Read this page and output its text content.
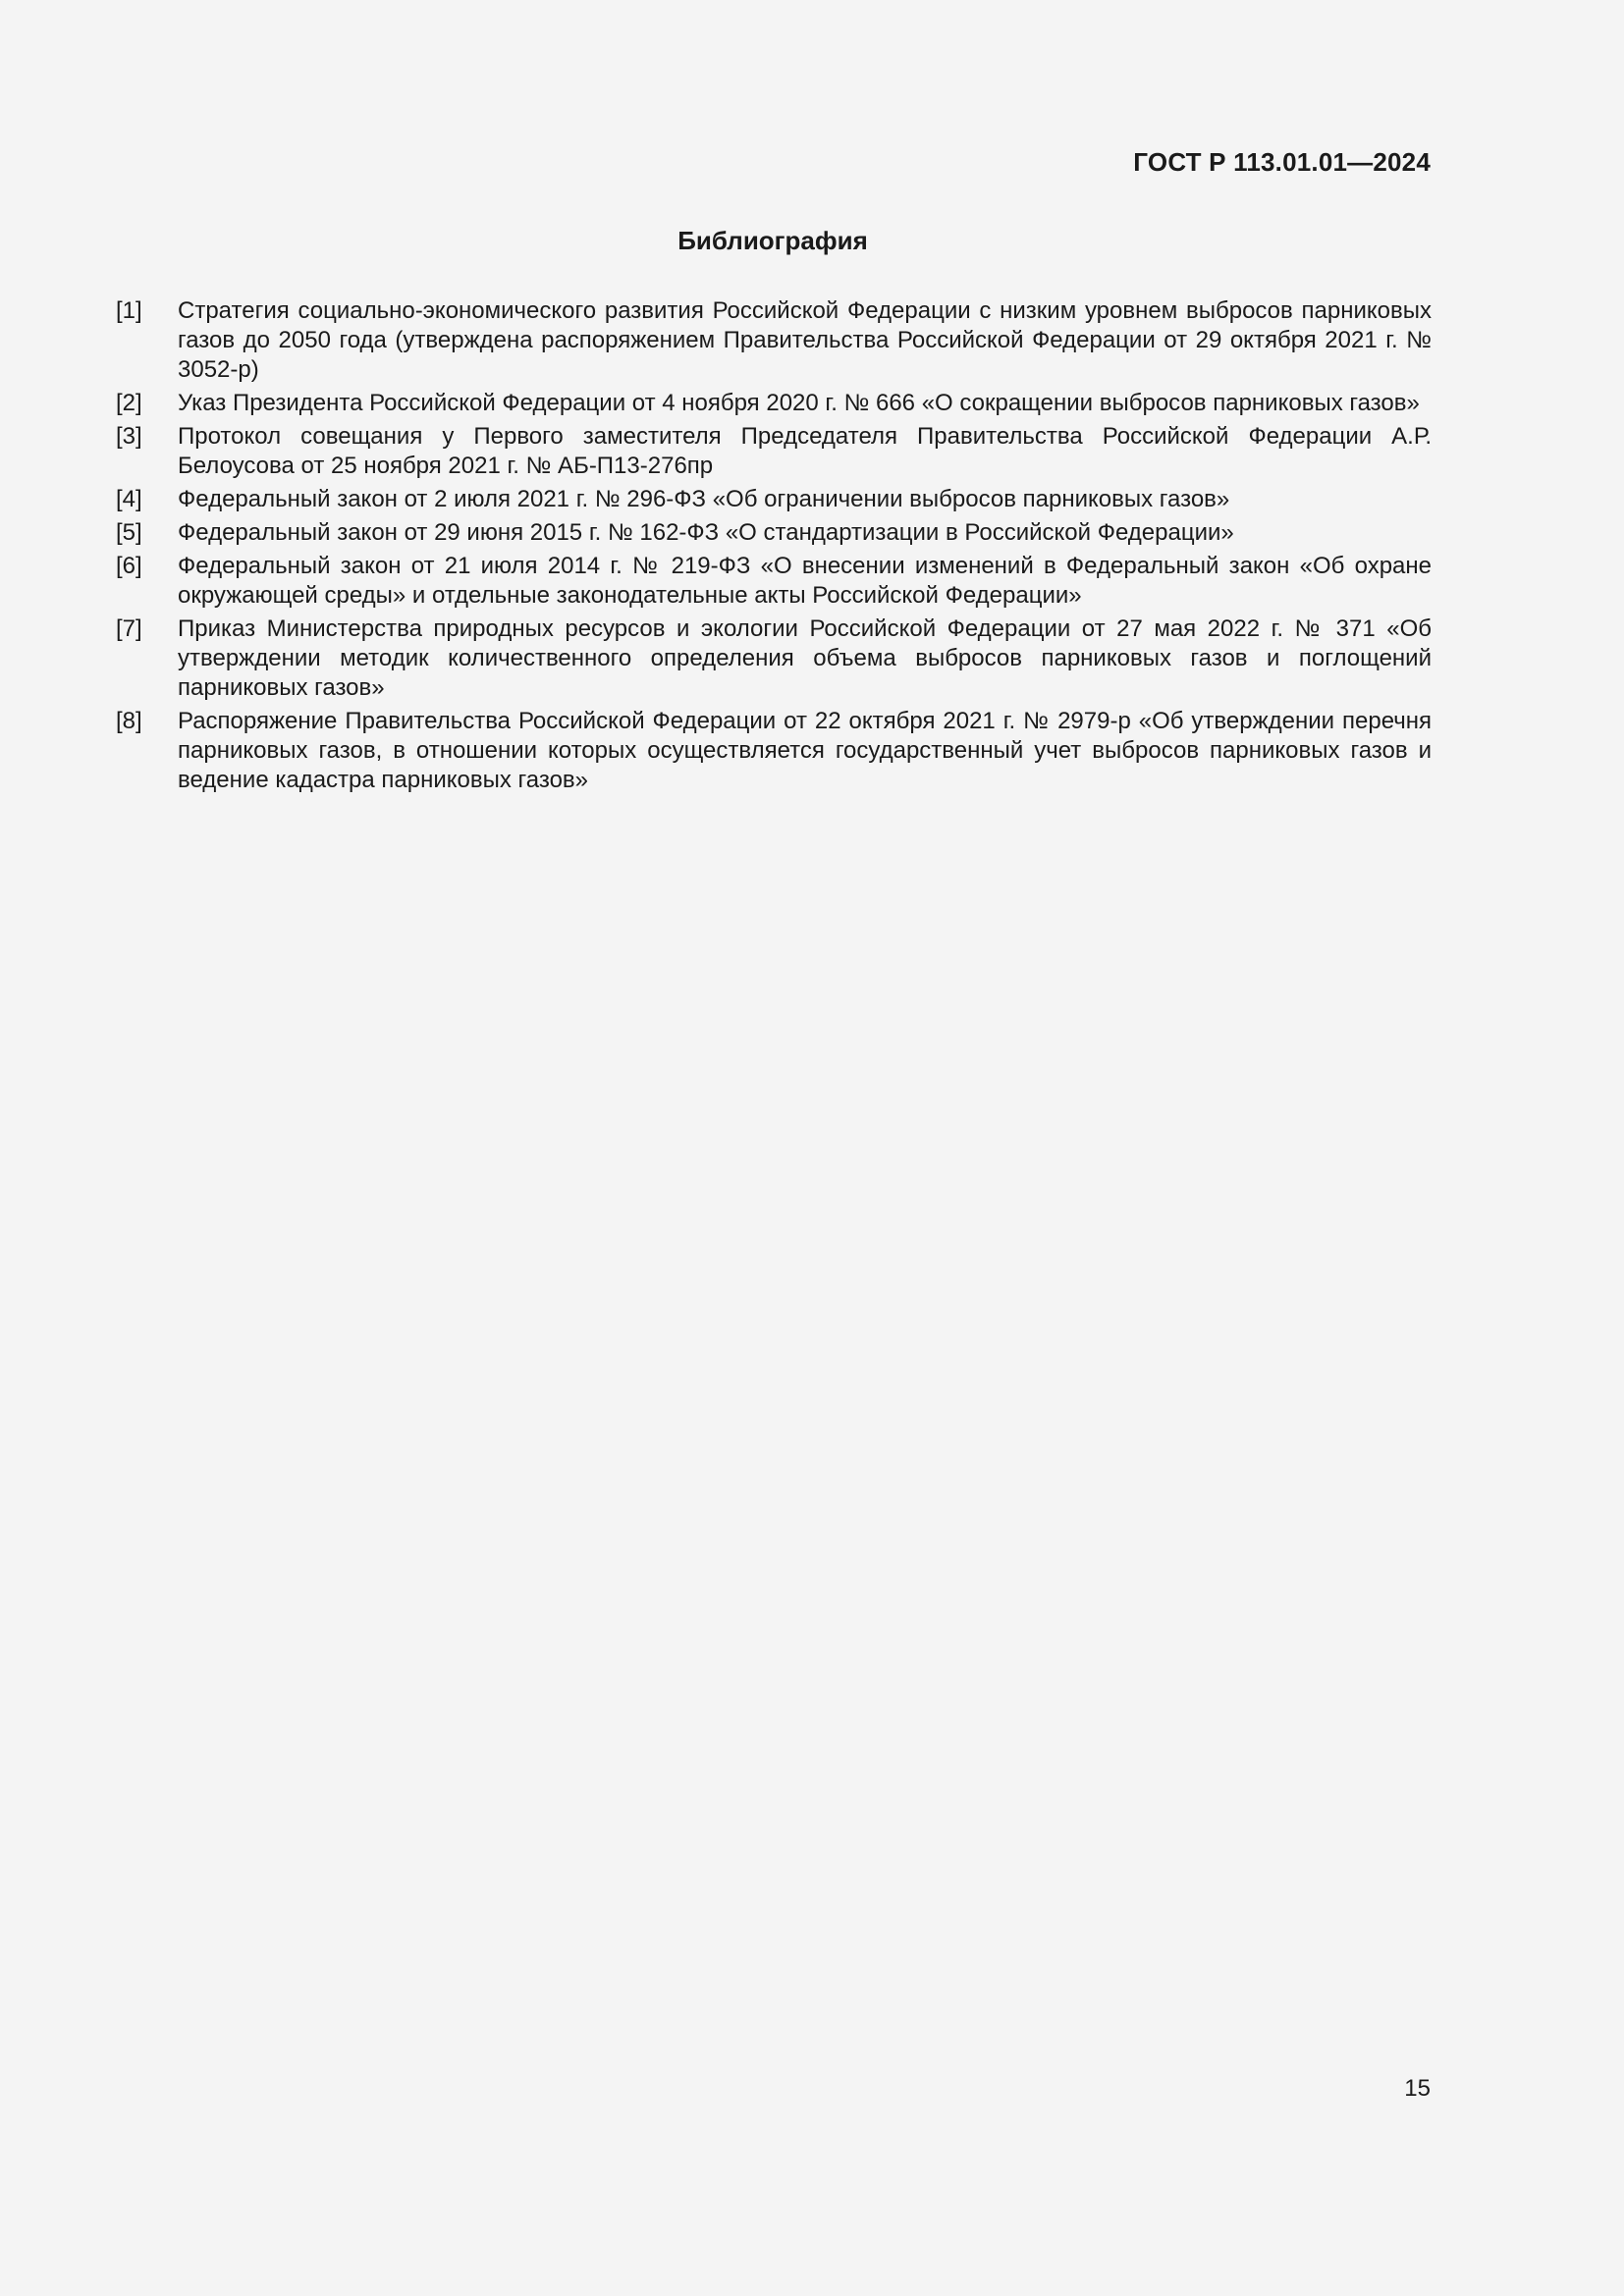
ГОСТ Р 113.01.01—2024
Библиография
[1]	Стратегия социально-экономического развития Российской Федерации с низким уровнем выбросов парниковых газов до 2050 года (утверждена распоряжением Правительства Российской Федерации от 29 октября 2021 г. № 3052-р)
[2]	Указ Президента Российской Федерации от 4 ноября 2020 г. № 666 «О сокращении выбросов парниковых газов»
[3]	Протокол совещания у Первого заместителя Председателя Правительства Российской Федерации А.Р. Белоусова от 25 ноября 2021 г. № АБ-П13-276пр
[4]	Федеральный закон от 2 июля 2021 г. № 296-ФЗ «Об ограничении выбросов парниковых газов»
[5]	Федеральный закон от 29 июня 2015 г. № 162-ФЗ «О стандартизации в Российской Федерации»
[6]	Федеральный закон от 21 июля 2014 г. № 219-ФЗ «О внесении изменений в Федеральный закон «Об охране окружающей среды» и отдельные законодательные акты Российской Федерации»
[7]	Приказ Министерства природных ресурсов и экологии Российской Федерации от 27 мая 2022 г. № 371 «Об утверждении методик количественного определения объема выбросов парниковых газов и поглощений парниковых газов»
[8]	Распоряжение Правительства Российской Федерации от 22 октября 2021 г. № 2979-р «Об утверждении перечня парниковых газов, в отношении которых осуществляется государственный учет выбросов парниковых газов и ведение кадастра парниковых газов»
15
